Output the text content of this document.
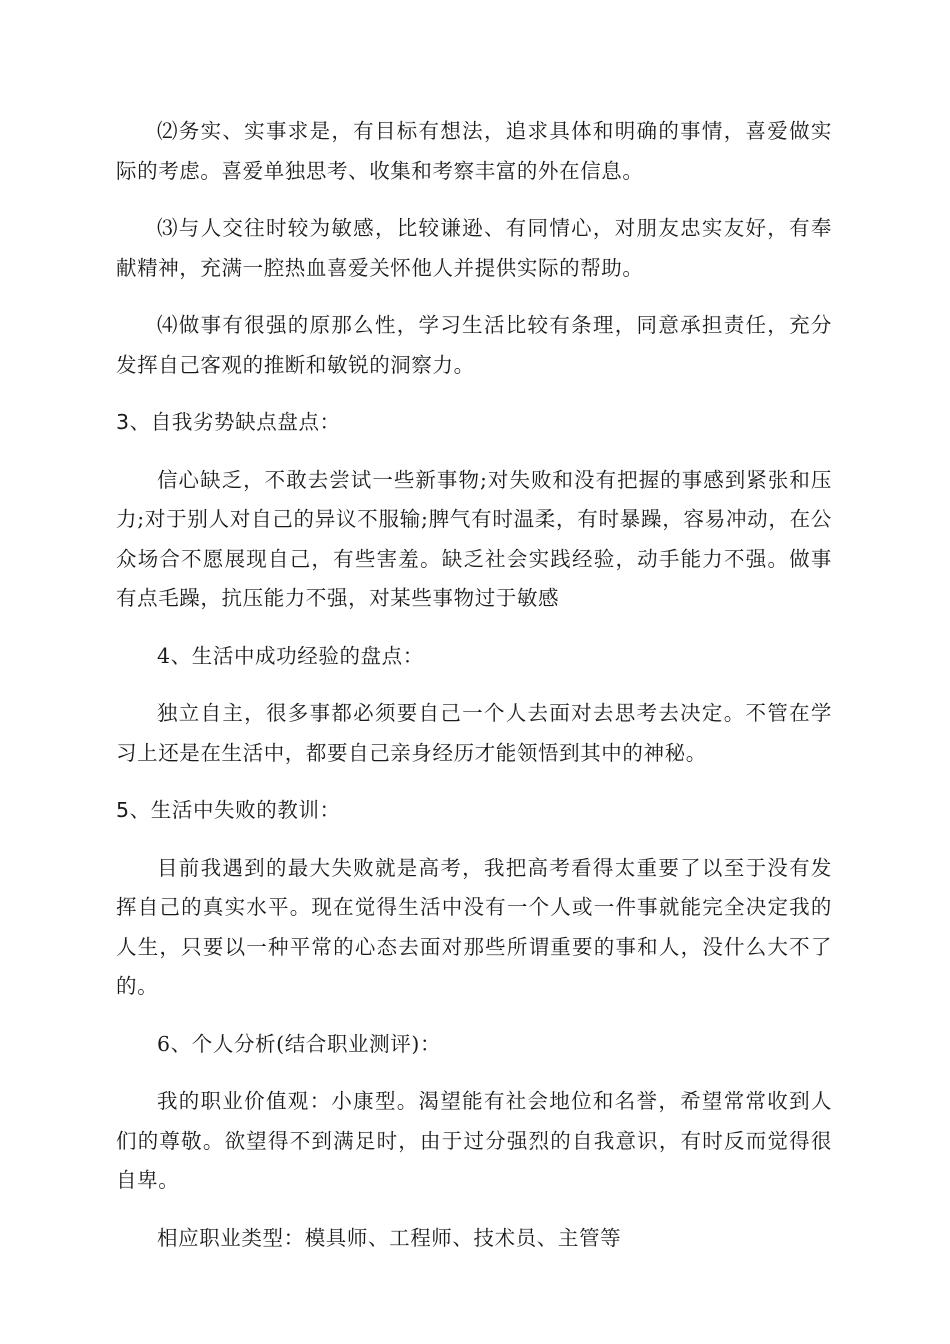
⑵务实、实事求是，有目标有想法，追求具体和明确的事情，喜爱做实际的考虑。喜爱单独思考、收集和考察丰富的外在信息。

⑶与人交往时较为敏感，比较谦逊、有同情心，对朋友忠实友好，有奉献精神，充满一腔热血喜爱关怀他人并提供实际的帮助。

⑷做事有很强的原那么性，学习生活比较有条理，同意承担责任，充分发挥自己客观的推断和敏锐的洞察力。

3、自我劣势缺点盘点：

信心缺乏，不敢去尝试一些新事物;对失败和没有把握的事感到紧张和压力;对于别人对自己的异议不服输;脾气有时温柔，有时暴躁，容易冲动，在公众场合不愿展现自己，有些害羞。缺乏社会实践经验，动手能力不强。做事有点毛躁，抗压能力不强，对某些事物过于敏感

4、生活中成功经验的盘点：

独立自主，很多事都必须要自己一个人去面对去思考去决定。不管在学习上还是在生活中，都要自己亲身经历才能领悟到其中的神秘。

5、生活中失败的教训：

目前我遇到的最大失败就是高考，我把高考看得太重要了以至于没有发挥自己的真实水平。现在觉得生活中没有一个人或一件事就能完全决定我的人生，只要以一种平常的心态去面对那些所谓重要的事和人，没什么大不了的。

6、个人分析(结合职业测评)：

我的职业价值观：小康型。渴望能有社会地位和名誉，希望常常收到人们的尊敬。欲望得不到满足时，由于过分强烈的自我意识，有时反而觉得很自卑。

相应职业类型：模具师、工程师、技术员、主管等
